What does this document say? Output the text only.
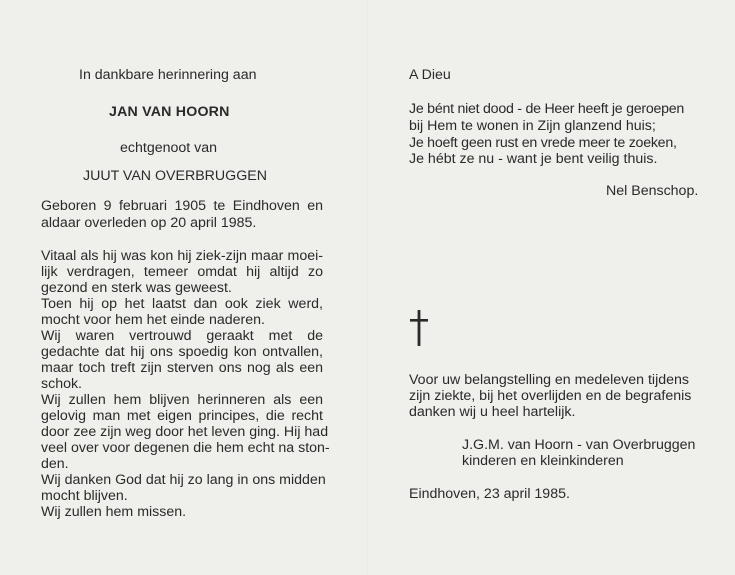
In dankbare herinnering aan
JAN VAN HOORN
echtgenoot van
JUUT VAN OVERBRUGGEN
Geboren 9 februari 1905 te Eindhoven en
aldaar overleden op 20 april 1985.
Vitaal als hij was kon hij ziek-zijn maar moei-
lijk verdragen, temeer omdat hij altijd zo
gezond en sterk was geweest.
Toen hij op het laatst dan ook ziek werd,
mocht voor hem het einde naderen.
Wij waren vertrouwd geraakt met de
gedachte dat hij ons spoedig kon ontvallen,
maar toch treft zijn sterven ons nog als een
schok.
Wij zullen hem blijven herinneren als een
gelovig man met eigen principes, die recht
door zee zijn weg door het leven ging. Hij had
veel over voor degenen die hem echt na ston-
den.
Wij danken God dat hij zo lang in ons midden
mocht blijven.
Wij zullen hem missen.
A Dieu
Je bént niet dood - de Heer heeft je geroepen
bij Hem te wonen in Zijn glanzend huis;
Je hoeft geen rust en vrede meer te zoeken,
Je hébt ze nu - want je bent veilig thuis.
Nel Benschop.
Voor uw belangstelling en medeleven tijdens
zijn ziekte, bij het overlijden en de begrafenis
danken wij u heel hartelijk.
J.G.M. van Hoorn - van Overbruggen
kinderen en kleinkinderen
Eindhoven, 23 april 1985.
